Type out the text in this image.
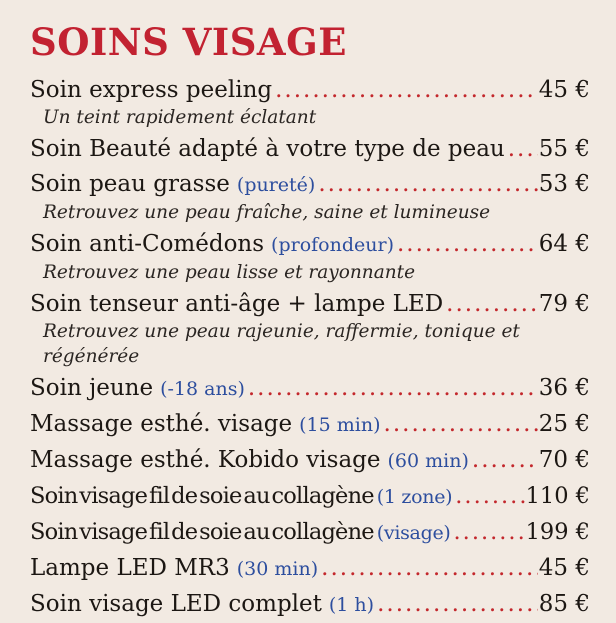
SOINS VISAGE
Soin express peeling .....	45 €
Un teint rapidement éclatant
Soin Beauté adapté à votre type de peau ..... 55 €
Soin peau grasse (pureté) .....	53 €
Retrouvez une peau fraîche, saine et lumineuse
Soin anti-Comédons (profondeur) .....	64 €
Retrouvez une peau lisse et rayonnante
Soin tenseur anti-âge + lampe LED .....	79 €
Retrouvez une peau rajeunie, raffermie, tonique et régénérée
Soin jeune (-18 ans) .....	36 €
Massage esthé. visage (15 min) .....	25 €
Massage esthé. Kobido visage (60 min) .....	70 €
Soin visage fil de soie au collagène (1 zone) .....	110 €
Soin visage fil de soie au collagène (visage) .....	199 €
Lampe LED MR3 (30 min) .....	45 €
Soin visage LED complet (1 h) .....	85 €
